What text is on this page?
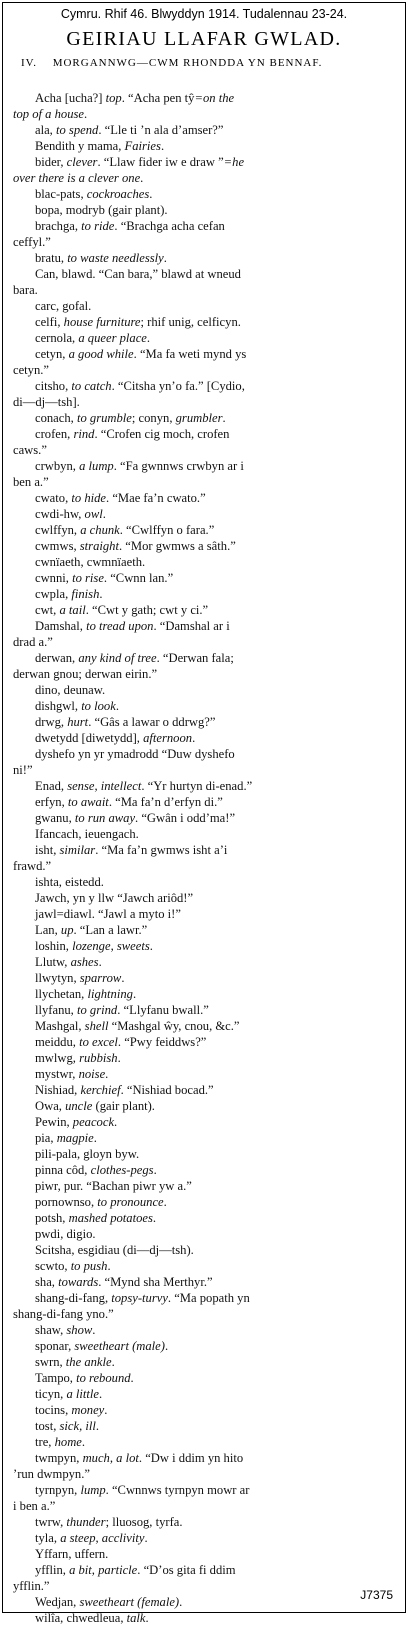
Cymru. Rhif 46. Blwyddyn 1914. Tudalennau 23-24.
GEIRIAU LLAFAR GWLAD.
IV. MORGANNWG—CWM RHONDDA YN BENNAF.
Acha [ucha?] top. “Acha pen tŷ=on the
top of a house.
ala, to spend. “Lle ti ’n ala d’amser?”
Bendith y mama, Fairies.
bider, clever. “Llaw fider iw e draw ”=he
over there is a clever one.
blac-pats, cockroaches.
bopa, modryb (gair plant).
brachga, to ride. “Brachga acha cefan
ceffyl.”
bratu, to waste needlessly.
Can, blawd. “Can bara,” blawd at wneud
bara.
carc, gofal.
celfi, house furniture; rhif unig, celficyn.
cernola, a queer place.
cetyn, a good while. “Ma fa weti mynd ys
cetyn.”
citsho, to catch. “Citsha yn’o fa.” [Cydio,
di—dj—tsh].
conach, to grumble; conyn, grumbler.
crofen, rind. “Crofen cig moch, crofen
caws.”
crwbyn, a lump. “Fa gwnnws crwbyn ar i
ben a.”
cwato, to hide. “Mae fa’n cwato.”
cwdi-hw, owl.
cwlffyn, a chunk. “Cwlffyn o fara.”
cwmws, straight. “Mor gwmws a sâth.”
cwnïaeth, cwmnïaeth.
cwnni, to rise. “Cwnn lan.”
cwpla, finish.
cwt, a tail. “Cwt y gath; cwt y ci.”
Damshal, to tread upon. “Damshal ar i
drad a.”
derwan, any kind of tree. “Derwan fala;
derwan gnou; derwan eirin.”
dino, deunaw.
dishgwl, to look.
drwg, hurt. “Gâs a lawar o ddrwg?”
dwetydd [diwetydd], afternoon.
dyshefo yn yr ymadrodd “Duw dyshefo
ni!”
Enad, sense, intellect. “Yr hurtyn di-enad.”
erfyn, to await. “Ma fa’n d’erfyn di.”
gwanu, to run away. “Gwân i odd’ma!”
Ifancach, ieuengach.
isht, similar. “Ma fa’n gwmws isht a’i
frawd.”
ishta, eistedd.
Jawch, yn y llw “Jawch ariôd!”
jawl=diawl. “Jawl a myto i!”
Lan, up. “Lan a lawr.”
loshin, lozenge, sweets.
Llutw, ashes.
llwytyn, sparrow.
llychetan, lightning.
llyfanu, to grind. “Llyfanu bwall.”
Mashgal, shell “Mashgal ŵy, cnou, &c.”
meiddu, to excel. “Pwy feiddws?”
mwlwg, rubbish.
mystwr, noise.
Nishiad, kerchief. “Nishiad bocad.”
Owa, uncle (gair plant).
Pewin, peacock.
pia, magpie.
pili-pala, gloyn byw.
pinna côd, clothes-pegs.
piwr, pur. “Bachan piwr yw a.”
pornownso, to pronounce.
potsh, mashed potatoes.
pwdi, digio.
Scitsha, esgidiau (di—dj—tsh).
scwto, to push.
sha, towards. “Mynd sha Merthyr.”
shang-di-fang, topsy-turvy. “Ma popath yn
shang-di-fang yno.”
shaw, show.
sponar, sweetheart (male).
swrn, the ankle.
Tampo, to rebound.
ticyn, a little.
tocins, money.
tost, sick, ill.
tre, home.
twmpyn, much, a lot. “Dw i ddim yn hito
’run dwmpyn.”
tyrnpyn, lump. “Cwnnws tyrnpyn mowr ar
i ben a.”
twrw, thunder; lluosog, tyrfa.
tyla, a steep, acclivity.
Yffarn, uffern.
yfflin, a bit, particle. “D’os gita fi ddim
yfflin.”
Wedjan, sweetheart (female).
wilîa, chwedleua, talk.
J7375
